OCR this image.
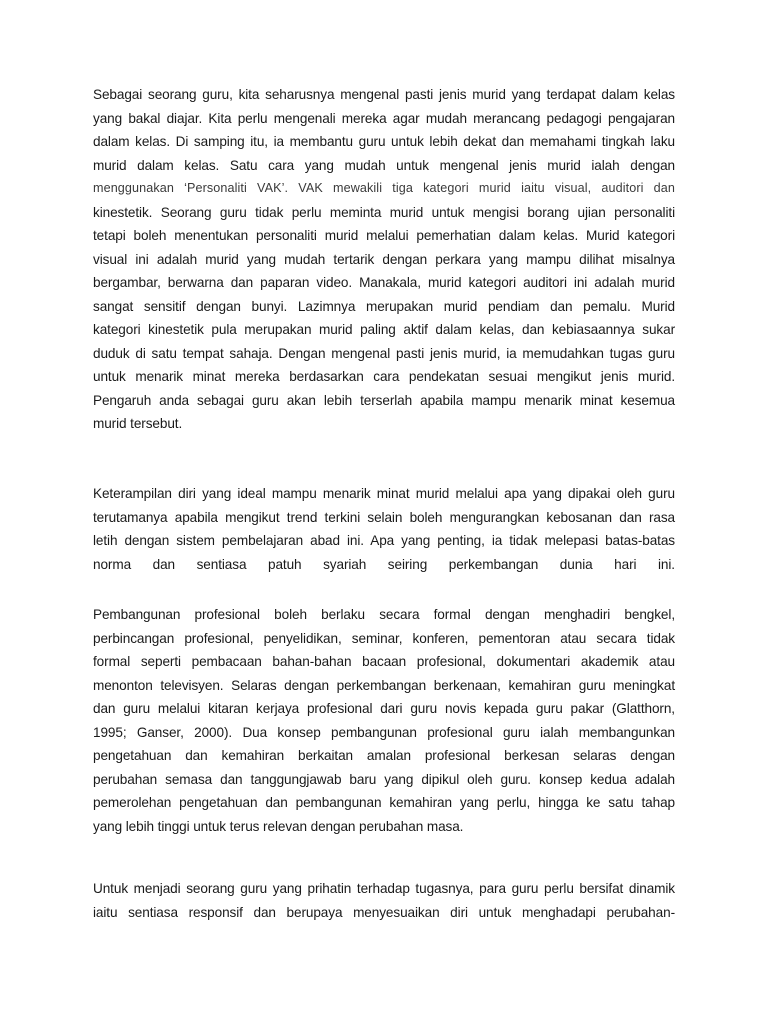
Sebagai seorang guru, kita seharusnya mengenal pasti jenis murid yang terdapat dalam kelas
yang bakal diajar. Kita perlu mengenali mereka agar mudah merancang pedagogi pengajaran
dalam kelas. Di samping itu, ia membantu guru untuk lebih dekat dan memahami tingkah laku
murid dalam kelas. Satu cara yang mudah untuk mengenal jenis murid ialah dengan
menggunakan ‘Personaliti VAK’. VAK mewakili tiga kategori murid iaitu visual, auditori dan
kinestetik. Seorang guru tidak perlu meminta murid untuk mengisi borang ujian personaliti
tetapi boleh menentukan personaliti murid melalui pemerhatian dalam kelas. Murid kategori
visual ini adalah murid yang mudah tertarik dengan perkara yang mampu dilihat misalnya
bergambar, berwarna dan paparan video. Manakala, murid kategori auditori ini adalah murid
sangat sensitif dengan bunyi. Lazimnya merupakan murid pendiam dan pemalu. Murid
kategori kinestetik pula merupakan murid paling aktif dalam kelas, dan kebiasaannya sukar
duduk di satu tempat sahaja. Dengan mengenal pasti jenis murid, ia memudahkan tugas guru
untuk menarik minat mereka berdasarkan cara pendekatan sesuai mengikut jenis murid.
Pengaruh anda sebagai guru akan lebih terserlah apabila mampu menarik minat kesemua
murid tersebut.
Keterampilan diri yang ideal mampu menarik minat murid melalui apa yang dipakai oleh guru
terutamanya apabila mengikut trend terkini selain boleh mengurangkan kebosanan dan rasa
letih dengan sistem pembelajaran abad ini. Apa yang penting, ia tidak melepasi batas-batas
norma dan sentiasa patuh syariah seiring perkembangan dunia hari ini.
Pembangunan profesional boleh berlaku secara formal dengan menghadiri bengkel,
perbincangan profesional, penyelidikan, seminar, konferen, pementoran atau secara tidak
formal seperti pembacaan bahan-bahan bacaan profesional, dokumentari akademik atau
menonton televisyen. Selaras dengan perkembangan berkenaan, kemahiran guru meningkat
dan guru melalui kitaran kerjaya profesional dari guru novis kepada guru pakar (Glatthorn,
1995; Ganser, 2000). Dua konsep pembangunan profesional guru ialah membangunkan
pengetahuan dan kemahiran berkaitan amalan profesional berkesan selaras dengan
perubahan semasa dan tanggungjawab baru yang dipikul oleh guru. konsep kedua adalah
pemerolehan pengetahuan dan pembangunan kemahiran yang perlu, hingga ke satu tahap
yang lebih tinggi untuk terus relevan dengan perubahan masa.
Untuk menjadi seorang guru yang prihatin terhadap tugasnya, para guru perlu bersifat dinamik
iaitu sentiasa responsif dan berupaya menyesuaikan diri untuk menghadapi perubahan-
